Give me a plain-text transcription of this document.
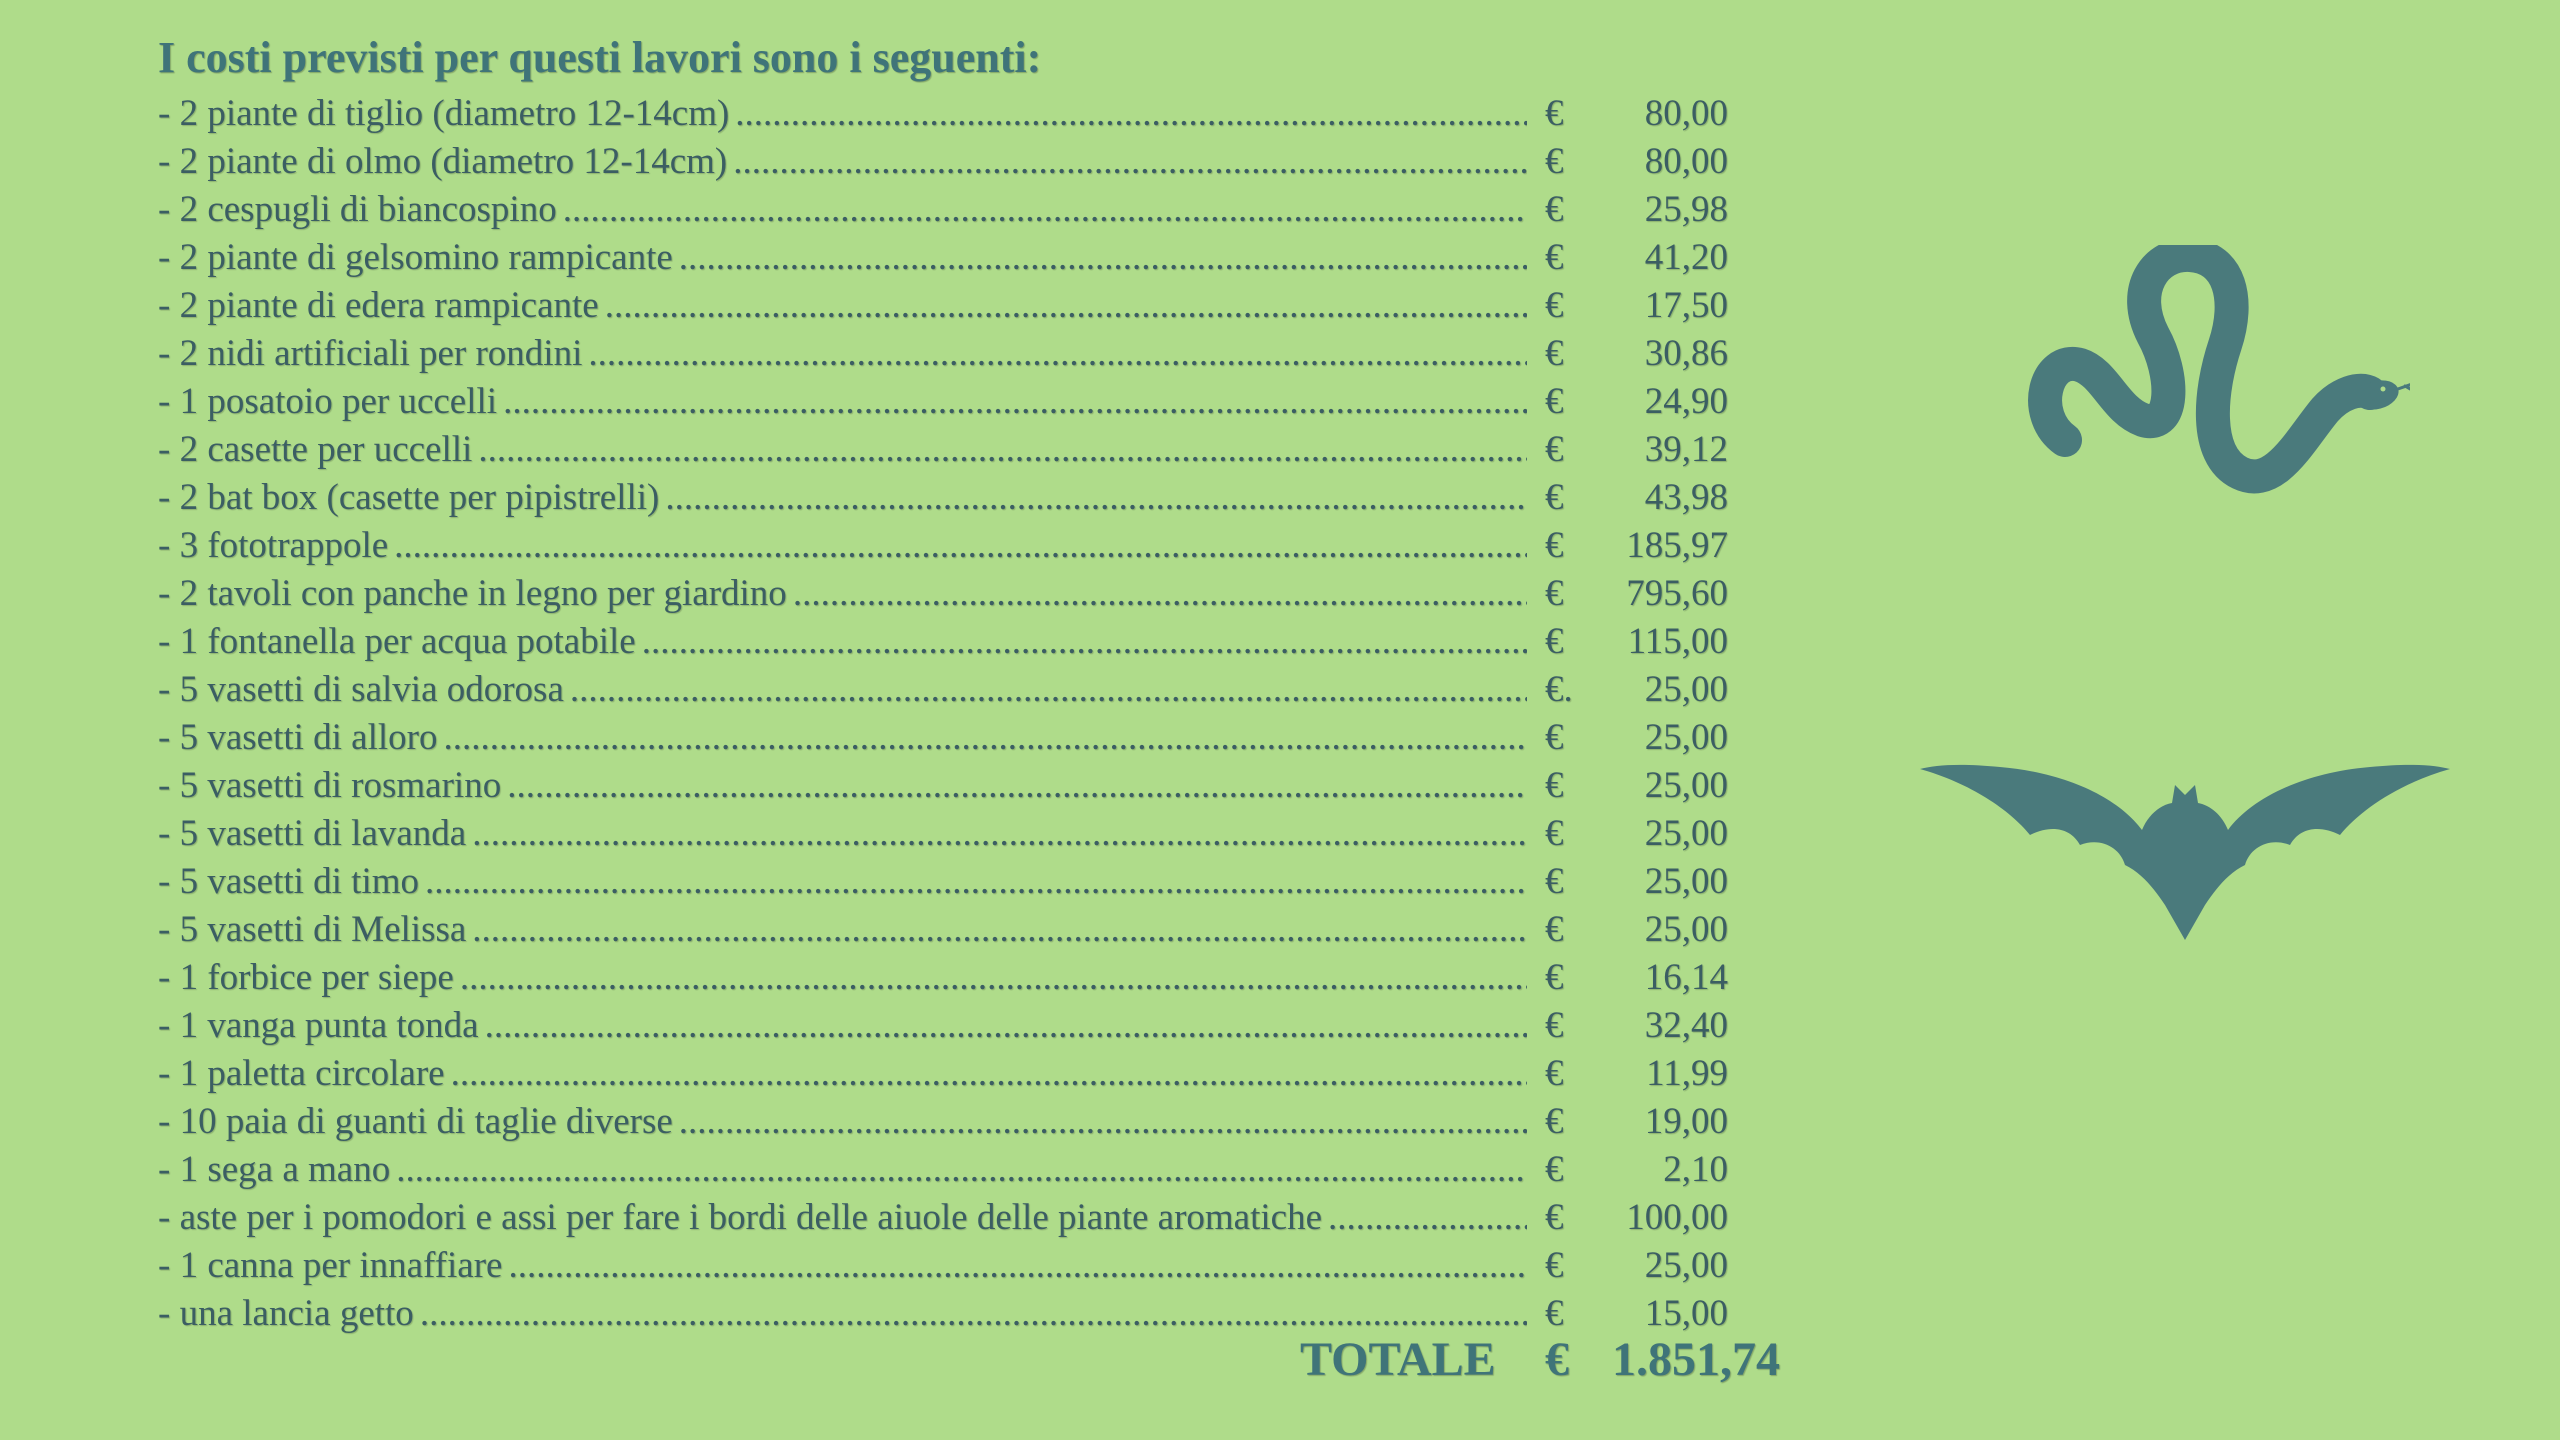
I costi previsti per questi lavori sono i seguenti:
- 2 piante di tiglio (diametro 12-14cm) .....	€	80,00
- 2 piante di olmo (diametro 12-14cm) .....	€	80,00
- 2 cespugli di biancospino .....	€	25,98
- 2 piante di gelsomino rampicante .....	€	41,20
- 2 piante di edera rampicante .....	€	17,50
- 2 nidi artificiali per rondini .....	€	30,86
- 1 posatoio per uccelli .....	€	24,90
- 2 casette per uccelli .....	€	39,12
- 2 bat box (casette per pipistrelli) .....	€	43,98
- 3 fototrappole .....	€	185,97
- 2 tavoli con panche in legno per giardino .....	€	795,60
- 1 fontanella per acqua potabile .....	€	115,00
- 5 vasetti di salvia odorosa .....	€.	25,00
- 5 vasetti di alloro .....	€	25,00
- 5 vasetti di rosmarino .....	€	25,00
- 5 vasetti di lavanda .....	€	25,00
- 5 vasetti di timo .....	€	25,00
- 5 vasetti di Melissa .....	€	25,00
- 1 forbice per siepe .....	€	16,14
- 1 vanga punta tonda .....	€	32,40
- 1 paletta circolare .....	€	11,99
- 10 paia di guanti di taglie diverse .....	€	19,00
- 1 sega a mano .....	€	2,10
- aste per i pomodori e assi per fare i bordi delle aiuole delle piante aromatiche .....	€	100,00
- 1 canna per innaffiare .....	€	25,00
- una lancia getto .....	€	15,00
TOTALE € 1.851,74
